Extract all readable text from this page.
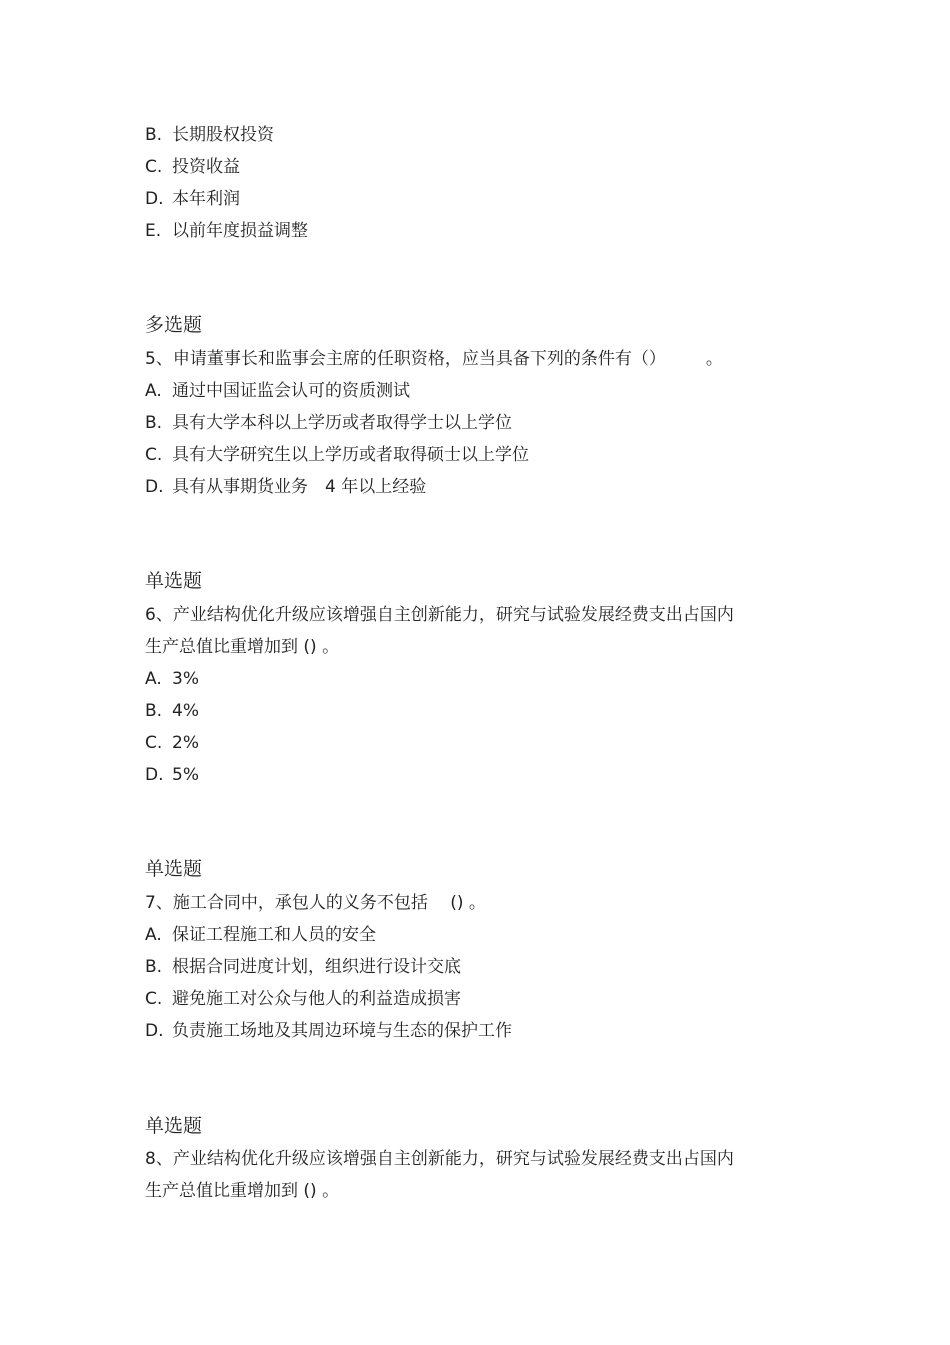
B. 长期股权投资
C. 投资收益
D. 本年利润
E. 以前年度损益调整
多选题
5、申请董事长和监事会主席的任职资格，应当具备下列的条件有（） 。
A. 通过中国证监会认可的资质测试
B. 具有大学本科以上学历或者取得学士以上学位
C. 具有大学研究生以上学历或者取得硕士以上学位
D. 具有从事期货业务　4 年以上经验
单选题
6、产业结构优化升级应该增强自主创新能力，研究与试验发展经费支出占国内
生产总值比重增加到 () 。
A. 3%
B. 4%
C. 2%
D. 5%
单选题
7、施工合同中，承包人的义务不包括　 () 。
A. 保证工程施工和人员的安全
B. 根据合同进度计划，组织进行设计交底
C. 避免施工对公众与他人的利益造成损害
D. 负责施工场地及其周边环境与生态的保护工作
单选题
8、产业结构优化升级应该增强自主创新能力，研究与试验发展经费支出占国内
生产总值比重增加到 () 。
